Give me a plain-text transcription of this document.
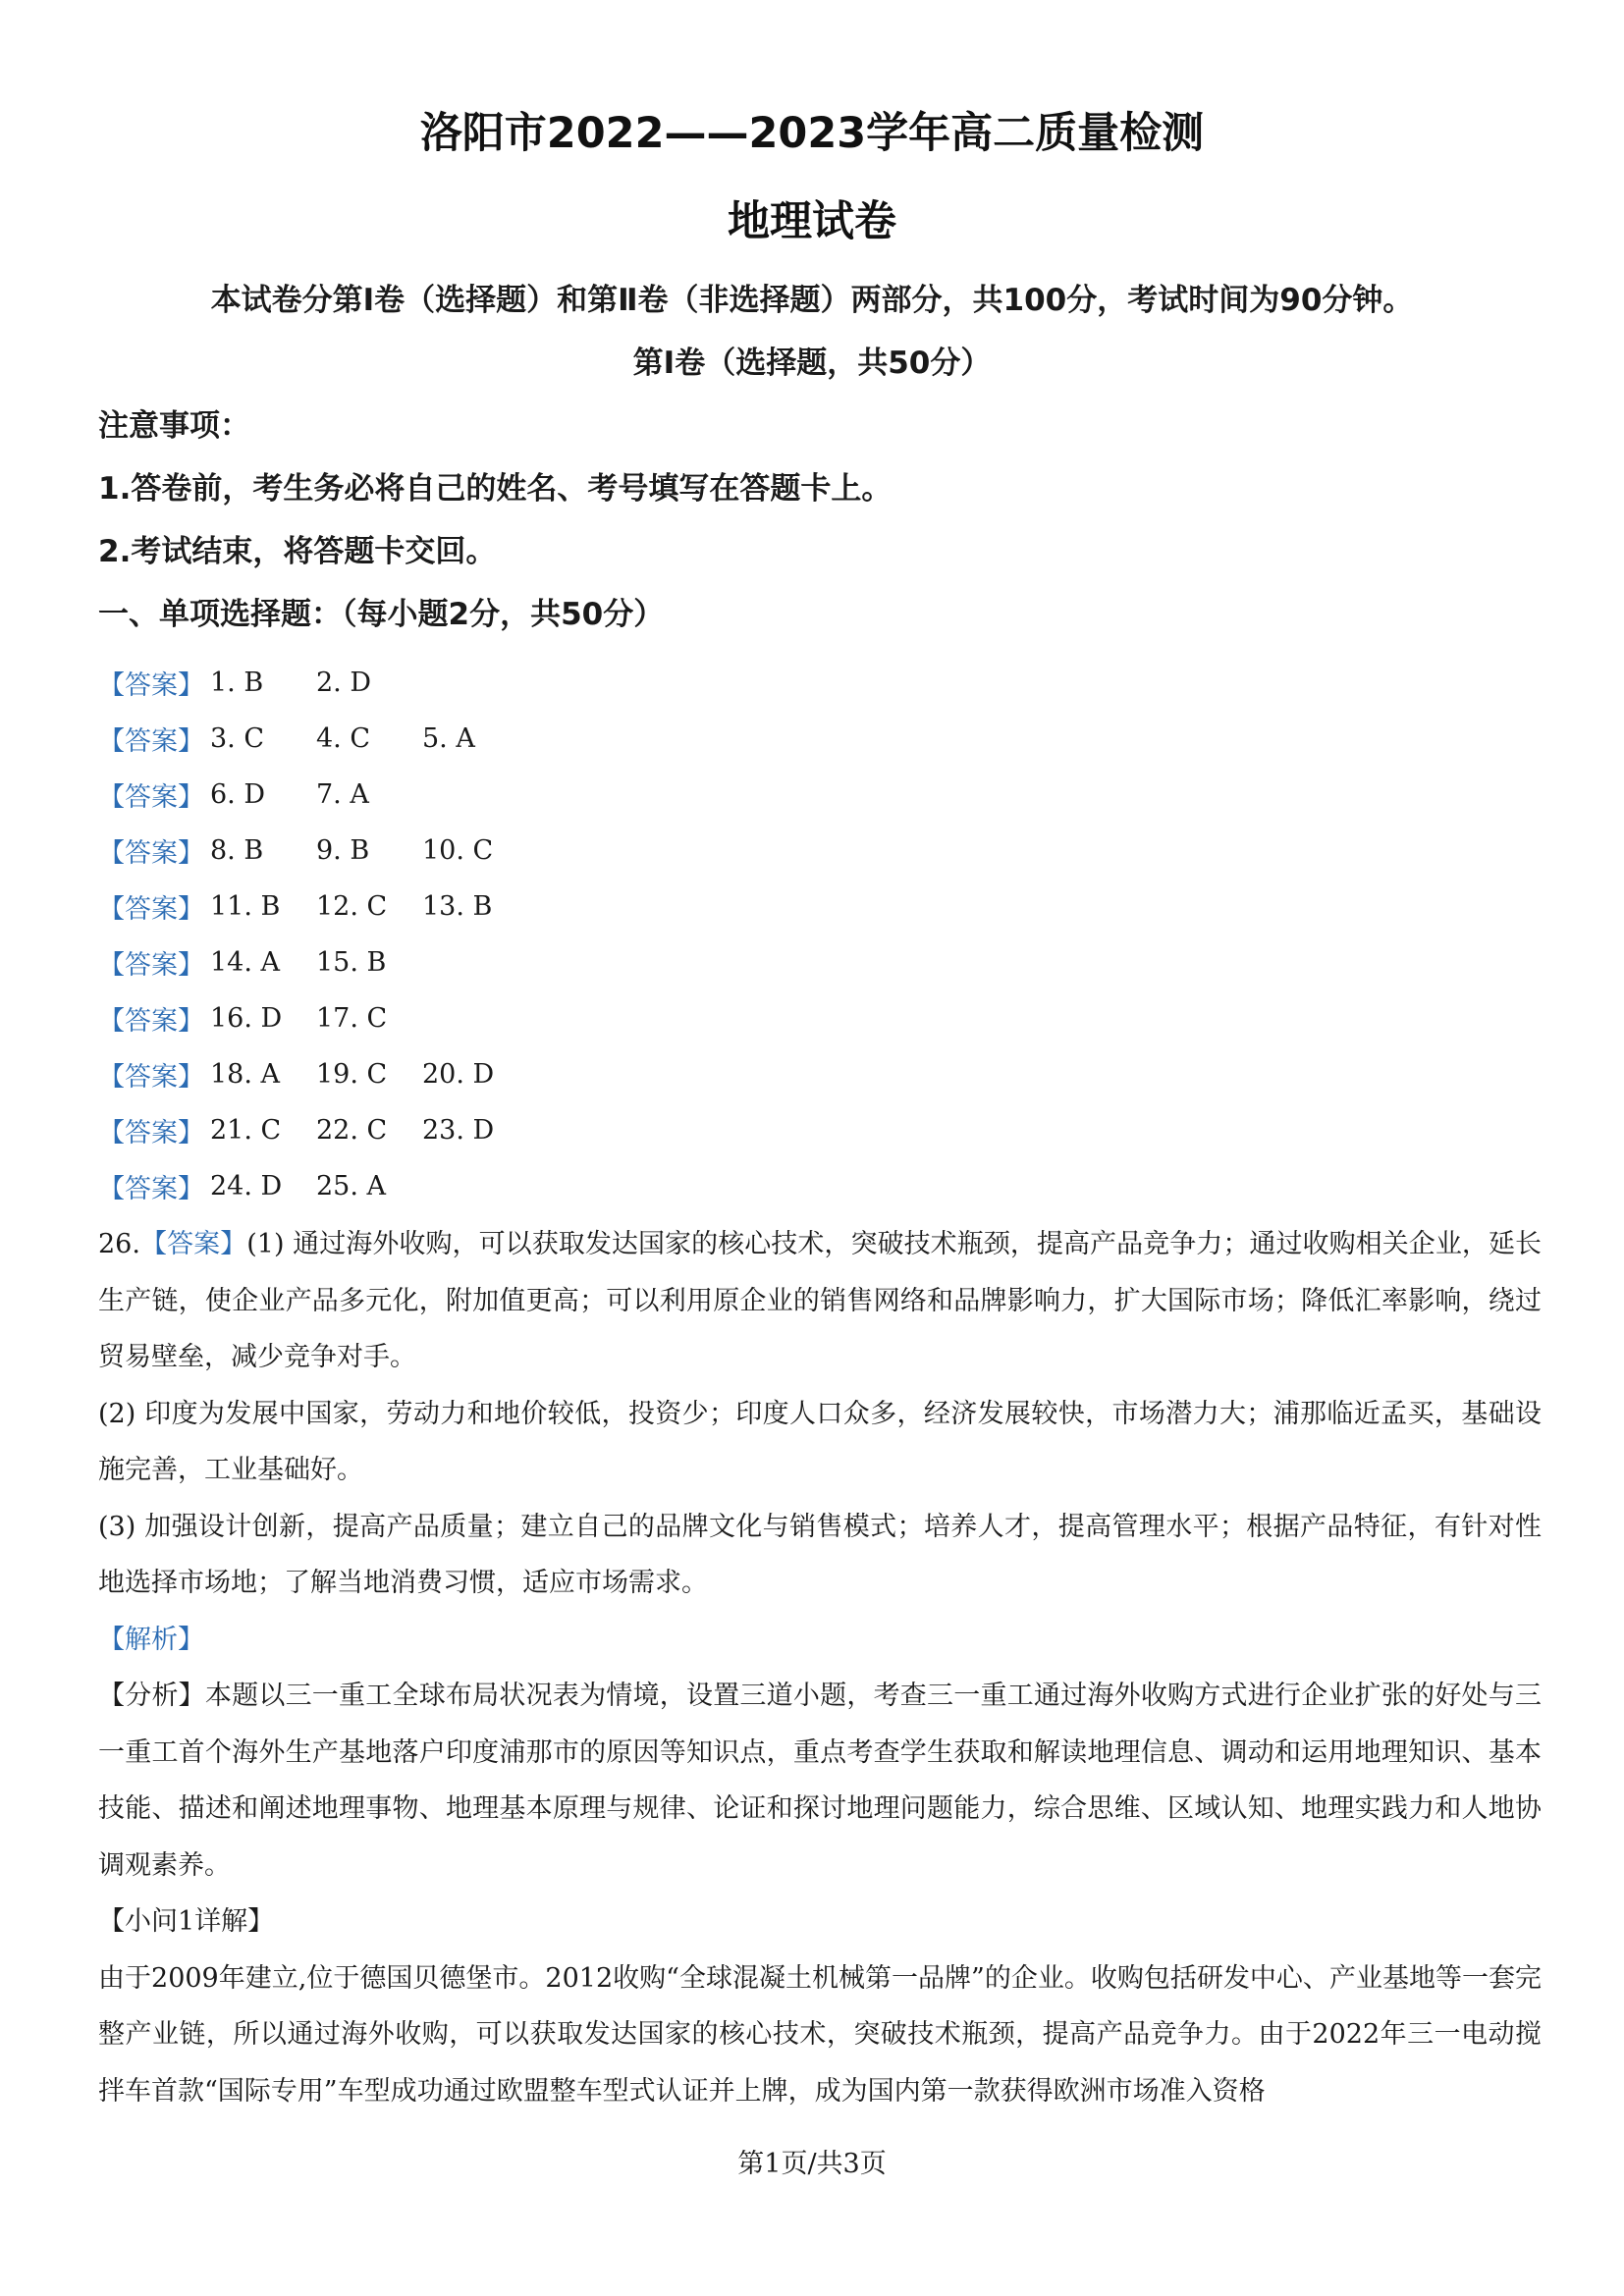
洛阳市2022——2023学年高二质量检测
地理试卷
本试卷分第Ⅰ卷（选择题）和第Ⅱ卷（非选择题）两部分，共100分，考试时间为90分钟。
第Ⅰ卷（选择题，共50分）
注意事项：
1.答卷前，考生务必将自己的姓名、考号填写在答题卡上。
2.考试结束，将答题卡交回。
一、单项选择题：（每小题2分，共50分）
【答案】 1. B	2. D
【答案】 3. C	4. C	5. A
【答案】 6. D	7. A
【答案】 8. B	9. B	10. C
【答案】 11. B	12. C	13. B
【答案】 14. A	15. B
【答案】 16. D	17. C
【答案】 18. A	19. C	20. D
【答案】 21. C	22. C	23. D
【答案】 24. D	25. A

26.【答案】(1) 通过海外收购，可以获取发达国家的核心技术，突破技术瓶颈，提高产品竞争力；通过收购相关企业，延长生产链，使企业产品多元化，附加值更高；可以利用原企业的销售网络和品牌影响力，扩大国际市场；降低汇率影响，绕过贸易壁垒，减少竞争对手。

(2) 印度为发展中国家，劳动力和地价较低，投资少；印度人口众多，经济发展较快，市场潜力大；浦那临近孟买，基础设施完善，工业基础好。

(3) 加强设计创新，提高产品质量；建立自己的品牌文化与销售模式；培养人才，提高管理水平；根据产品特征，有针对性地选择市场地；了解当地消费习惯，适应市场需求。

【解析】

【分析】本题以三一重工全球布局状况表为情境，设置三道小题，考查三一重工通过海外收购方式进行企业扩张的好处与三一重工首个海外生产基地落户印度浦那市的原因等知识点，重点考查学生获取和解读地理信息、调动和运用地理知识、基本技能、描述和阐述地理事物、地理基本原理与规律、论证和探讨地理问题能力，综合思维、区域认知、地理实践力和人地协调观素养。

【小问1详解】

由于2009年建立,位于德国贝德堡市。2012收购“全球混凝土机械第一品牌”的企业。收购包括研发中心、产业基地等一套完整产业链，所以通过海外收购，可以获取发达国家的核心技术，突破技术瓶颈，提高产品竞争力。由于2022年三一电动搅拌车首款“国际专用”车型成功通过欧盟整车型式认证并上牌，成为国内第一款获得欧洲市场准入资格

第1页/共3页
